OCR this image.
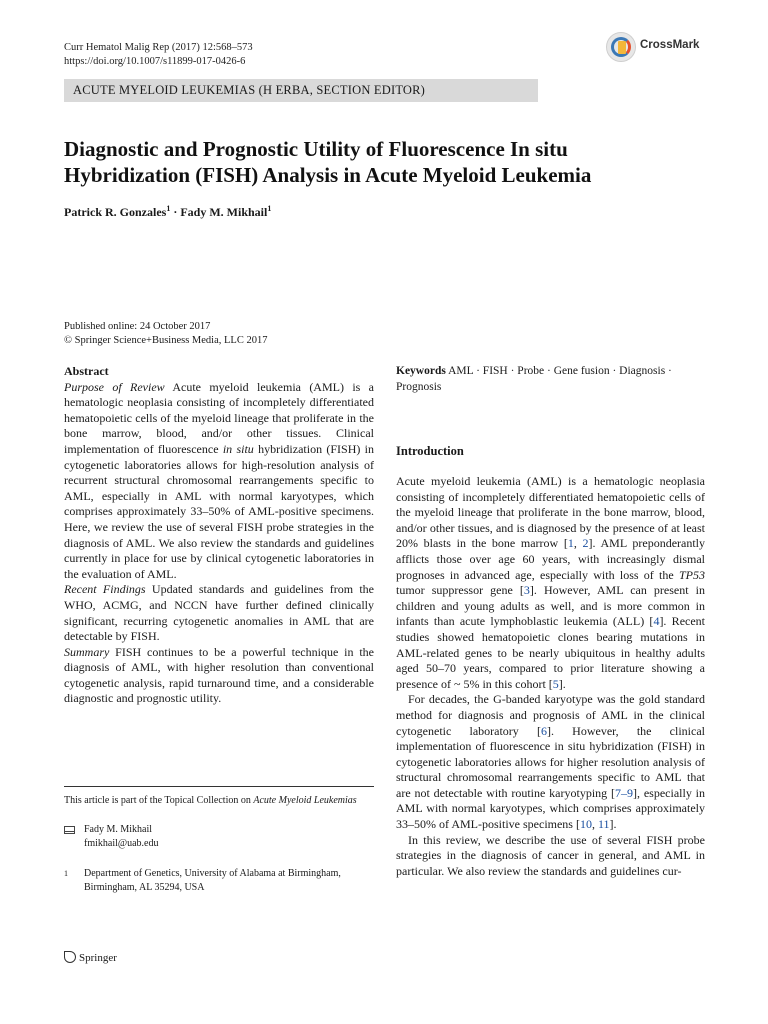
Curr Hematol Malig Rep (2017) 12:568–573
https://doi.org/10.1007/s11899-017-0426-6
CrossMark
ACUTE MYELOID LEUKEMIAS (H ERBA, SECTION EDITOR)
Diagnostic and Prognostic Utility of Fluorescence In situ
Hybridization (FISH) Analysis in Acute Myeloid Leukemia
Patrick R. Gonzales$^1$ · Fady M. Mikhail$^1$
Published online: 24 October 2017
© Springer Science+Business Media, LLC 2017
Abstract
Purpose of Review Acute myeloid leukemia (AML) is a hematologic neoplasia consisting of incompletely differentiated hematopoietic cells of the myeloid lineage that proliferate in the bone marrow, blood, and/or other tissues. Clinical implementation of fluorescence in situ hybridization (FISH) in cytogenetic laboratories allows for high-resolution analysis of recurrent structural chromosomal rearrangements specific to AML, especially in AML with normal karyotypes, which comprises approximately 33–50% of AML-positive specimens. Here, we review the use of several FISH probe strategies in the diagnosis of AML. We also review the standards and guidelines currently in place for use by clinical cytogenetic laboratories in the evaluation of AML.
Recent Findings Updated standards and guidelines from the WHO, ACMG, and NCCN have further defined clinically significant, recurring cytogenetic anomalies in AML that are detectable by FISH.
Summary FISH continues to be a powerful technique in the diagnosis of AML, with higher resolution than conventional cytogenetic analysis, rapid turnaround time, and a considerable diagnostic and prognostic utility.
Keywords AML · FISH · Probe · Gene fusion · Diagnosis · Prognosis
Introduction

Acute myeloid leukemia (AML) is a hematologic neoplasia consisting of incompletely differentiated hematopoietic cells of the myeloid lineage that proliferate in the bone marrow, blood, and/or other tissues, and is diagnosed by the presence of at least 20% blasts in the bone marrow [1, 2]. AML preponderantly afflicts those over age 60 years, with increasingly dismal prognoses in advanced age, especially with loss of the TP53 tumor suppressor gene [3]. However, AML can present in children and young adults as well, and is more common in infants than acute lymphoblastic leukemia (ALL) [4]. Recent studies showed hematopoietic clones bearing mutations in AML-related genes to be nearly ubiquitous in healthy adults aged 50–70 years, compared to prior literature showing a presence of ~ 5% in this cohort [5].

For decades, the G-banded karyotype was the gold standard method for diagnosis and prognosis of AML in the clinical cytogenetic laboratory [6]. However, the clinical implementation of fluorescence in situ hybridization (FISH) in cytogenetic laboratories allows for higher resolution analysis of structural chromosomal rearrangements specific to AML that are not detectable with routine karyotyping [7–9], especially in AML with normal karyotypes, which comprises approximately 33–50% of AML-positive specimens [10, 11].

In this review, we describe the use of several FISH probe strategies in the diagnosis of cancer in general, and AML in particular. We also review the standards and guidelines cur-

This article is part of the Topical Collection on Acute Myeloid Leukemias
Fady M. Mikhail
fmikhail@uab.edu
1 Department of Genetics, University of Alabama at Birmingham,
Birmingham, AL 35294, USA
Springer
